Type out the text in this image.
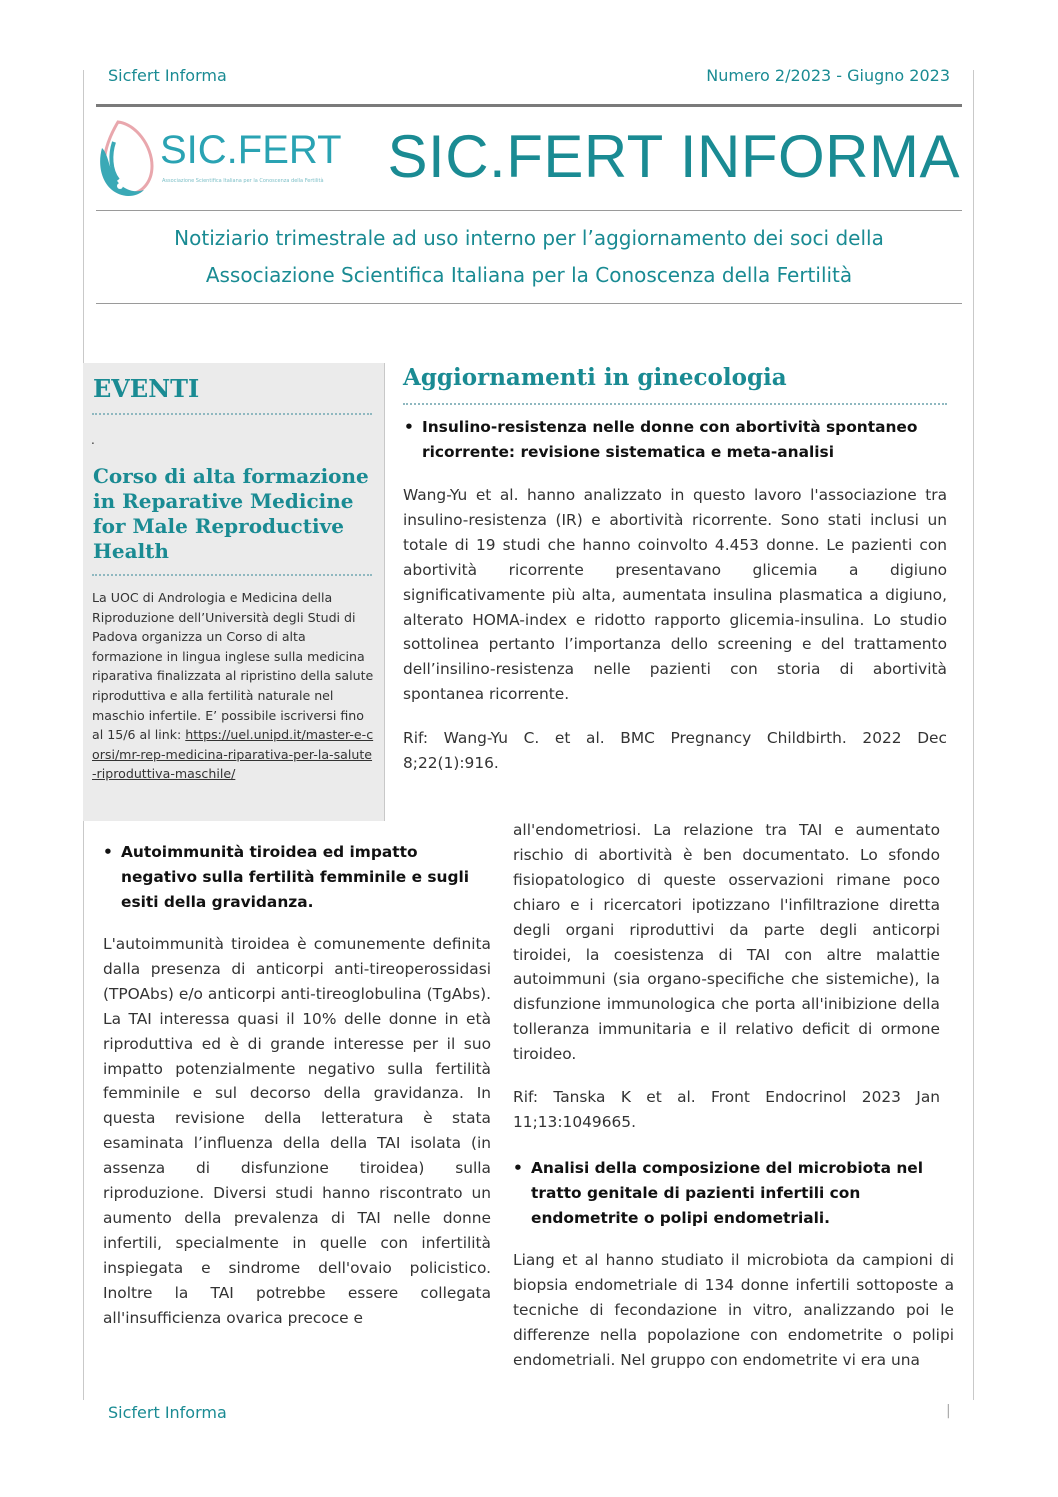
Sicfert Informa	Numero 2/2023 - Giugno 2023
SIC.FERT
Associazione Scientifica Italiana per la Conoscenza della Fertilità SIC.FERT INFORMA
Notiziario trimestrale ad uso interno per l’aggiornamento dei soci della
Associazione Scientifica Italiana per la Conoscenza della Fertilità
EVENTI
.
Corso di alta formazione in Reparative Medicine for Male Reproductive Health
La UOC di Andrologia e Medicina della Riproduzione dell’Università degli Studi di Padova organizza un Corso di alta formazione in lingua inglese sulla medicina riparativa finalizzata al ripristino della salute riproduttiva e alla fertilità naturale nel maschio infertile. E’ possibile iscriversi fino al 15/6 al link: https://uel.unipd.it/master-e-corsi/mr-rep-medicina-riparativa-per-la-salute-riproduttiva-maschile/
Aggiornamenti in ginecologia
• Insulino-resistenza nelle donne con abortività spontaneo ricorrente: revisione sistematica e meta-analisi
Wang-Yu et al. hanno analizzato in questo lavoro l'associazione tra insulino-resistenza (IR) e abortività ricorrente. Sono stati inclusi un totale di 19 studi che hanno coinvolto 4.453 donne. Le pazienti con abortività ricorrente presentavano glicemia a digiuno significativamente più alta, aumentata insulina plasmatica a digiuno, alterato HOMA-index e ridotto rapporto glicemia-insulina. Lo studio sottolinea pertanto l’importanza dello screening e del trattamento dell’insilino-resistenza nelle pazienti con storia di abortività spontanea ricorrente.
Rif: Wang-Yu C. et al. BMC Pregnancy Childbirth. 2022 Dec 8;22(1):916.
• Autoimmunità tiroidea ed impatto negativo sulla fertilità femminile e sugli esiti della gravidanza.
L'autoimmunità tiroidea è comunemente definita dalla presenza di anticorpi anti-tireoperossidasi (TPOAbs) e/o anticorpi anti-tireoglobulina (TgAbs). La TAI interessa quasi il 10% delle donne in età riproduttiva ed è di grande interesse per il suo impatto potenzialmente negativo sulla fertilità femminile e sul decorso della gravidanza. In questa revisione della letteratura è stata esaminata l’influenza della della TAI isolata (in assenza di disfunzione tiroidea) sulla riproduzione. Diversi studi hanno riscontrato un aumento della prevalenza di TAI nelle donne infertili, specialmente in quelle con infertilità inspiegata e sindrome dell'ovaio policistico. Inoltre la TAI potrebbe essere collegata all'insufficienza ovarica precoce e
all'endometriosi. La relazione tra TAI e aumentato rischio di abortività è ben documentato. Lo sfondo fisiopatologico di queste osservazioni rimane poco chiaro e i ricercatori ipotizzano l'infiltrazione diretta degli organi riproduttivi da parte degli anticorpi tiroidei, la coesistenza di TAI con altre malattie autoimmuni (sia organo-specifiche che sistemiche), la disfunzione immunologica che porta all'inibizione della tolleranza immunitaria e il relativo deficit di ormone tiroideo.
Rif: Tanska K et al. Front Endocrinol 2023 Jan 11;13:1049665.
• Analisi della composizione del microbiota nel tratto genitale di pazienti infertili con endometrite o polipi endometriali.
Liang et al hanno studiato il microbiota da campioni di biopsia endometriale di 134 donne infertili sottoposte a tecniche di fecondazione in vitro, analizzando poi le differenze nella popolazione con endometrite o polipi endometriali. Nel gruppo con endometrite vi era una
Sicfert Informa	|
